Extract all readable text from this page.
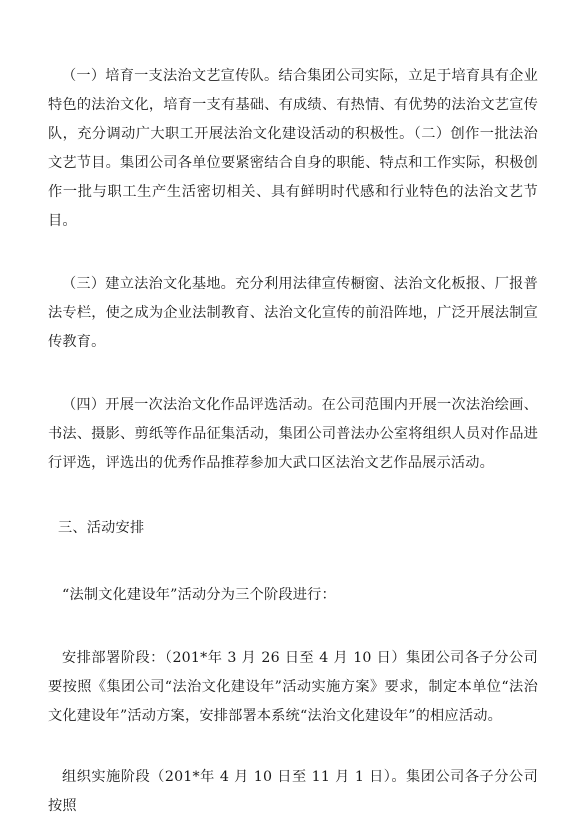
（一）培育一支法治文艺宣传队。结合集团公司实际，立足于培育具有企业特色的法治文化，培育一支有基础、有成绩、有热情、有优势的法治文艺宣传队，充分调动广大职工开展法治文化建设活动的积极性。（二）创作一批法治文艺节目。集团公司各单位要紧密结合自身的职能、特点和工作实际，积极创作一批与职工生产生活密切相关、具有鲜明时代感和行业特色的法治文艺节目。

（三）建立法治文化基地。充分利用法律宣传橱窗、法治文化板报、厂报普法专栏，使之成为企业法制教育、法治文化宣传的前沿阵地，广泛开展法制宣传教育。

（四）开展一次法治文化作品评选活动。在公司范围内开展一次法治绘画、书法、摄影、剪纸等作品征集活动，集团公司普法办公室将组织人员对作品进行评选，评选出的优秀作品推荐参加大武口区法治文艺作品展示活动。

三、活动安排

“法制文化建设年”活动分为三个阶段进行：

安排部署阶段：（201*年 3 月 26 日至 4 月 10 日）集团公司各子分公司要按照《集团公司“法治文化建设年”活动实施方案》要求，制定本单位“法治文化建设年”活动方案，安排部署本系统“法治文化建设年”的相应活动。

组织实施阶段（201*年 4 月 10 日至 11 月 1 日）。集团公司各子分公司按照
